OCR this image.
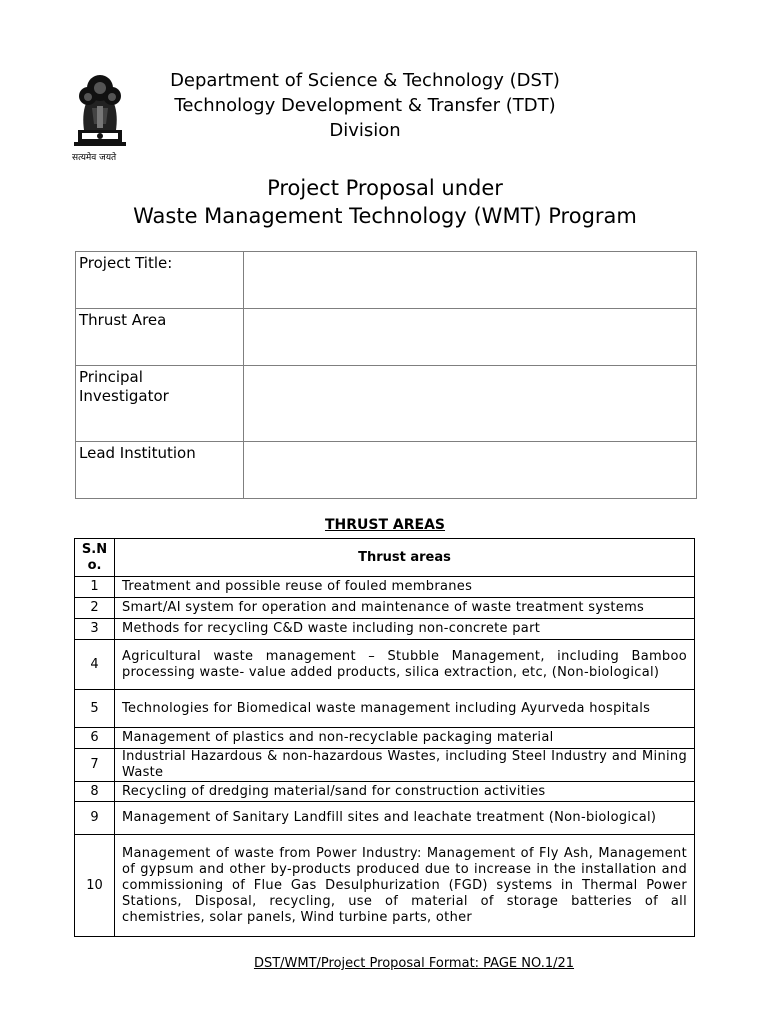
सत्यमेव जयते
Department of Science & Technology (DST)
Technology Development & Transfer (TDT) Division
Project Proposal under
Waste Management Technology (WMT) Program
Project Title:	
Thrust Area	
Principal Investigator	
Lead Institution	
THRUST AREAS
S.No.	Thrust areas
1	Treatment and possible reuse of fouled membranes
2	Smart/AI system for operation and maintenance of waste treatment systems
3	Methods for recycling C&D waste including non-concrete part
4	Agricultural waste management – Stubble Management, including Bamboo processing waste- value added products, silica extraction, etc, (Non-biological)
5	Technologies for Biomedical waste management including Ayurveda hospitals
6	Management of plastics and non-recyclable packaging material
7	Industrial Hazardous & non-hazardous Wastes, including Steel Industry and Mining Waste
8	Recycling of dredging material/sand for construction activities
9	Management of Sanitary Landfill sites and leachate treatment (Non-biological)
10	Management of waste from Power Industry: Management of Fly Ash, Management of gypsum and other by-products produced due to increase in the installation and commissioning of Flue Gas Desulphurization (FGD) systems in Thermal Power Stations, Disposal, recycling, use of material of storage batteries of all chemistries, solar panels, Wind turbine parts, other
DST/WMT/Project Proposal Format: PAGE NO.1/21
